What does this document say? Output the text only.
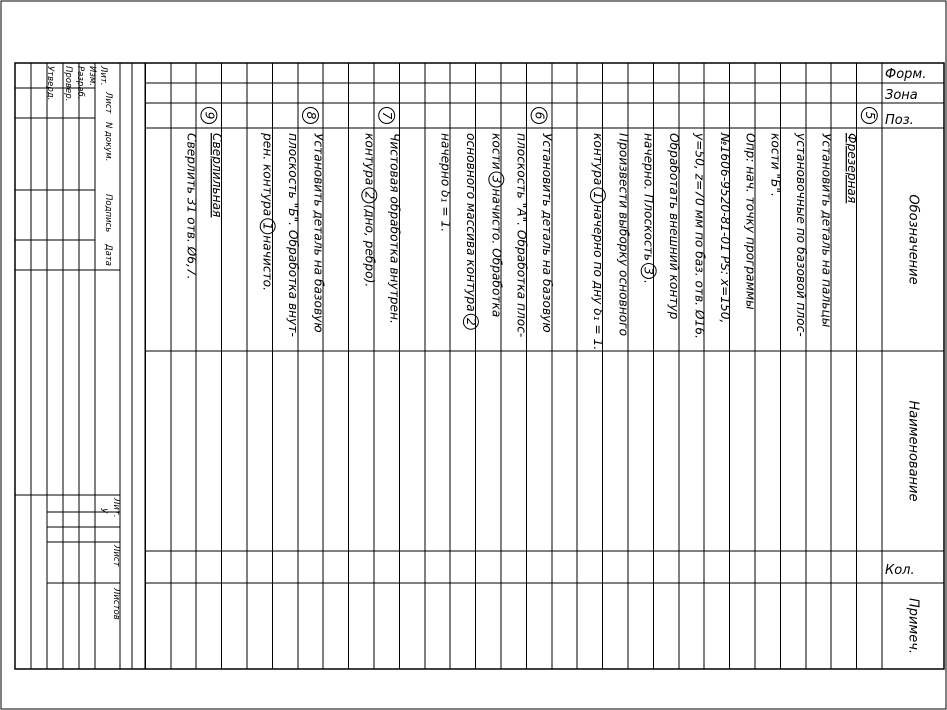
Форм.
Зона
Поз.
Обозначение
Наименование
Кол.
Примеч.
5
Фрезерная
Установить деталь на пальцы
установочные по базовой плос-
кости "Б".
Опр: нач. точку программы
№1606-9520-81-01 PS: x=150,
y=50, z=70 мм по баз. отв. Ø16.
Обработать внешний контур
начерно. Плоскость
3
.
Произвести выборку основного
контура
1
начерно по дну δ₁ = 1.
6
Установить деталь на базовую
плоскость "А". Обработка плос-
кости
3
начисто. Обработка
основного массива контура
2
начерно δ₁ = 1.
7
Чистовая обработка внутрен.
контура
2
(дно, ребро).
8
Установить деталь на базовую
плоскость "Б". Обработка внут-
рен. контура
1
начисто.
9
Сверлильная
Сверлить 31 отв. Ø6,7.
Лит.
Изм.
Разраб.
Провер.
Утверд.
Лист
N докум.
Подпись
Дата
Лит.
У
Лист
Листов
